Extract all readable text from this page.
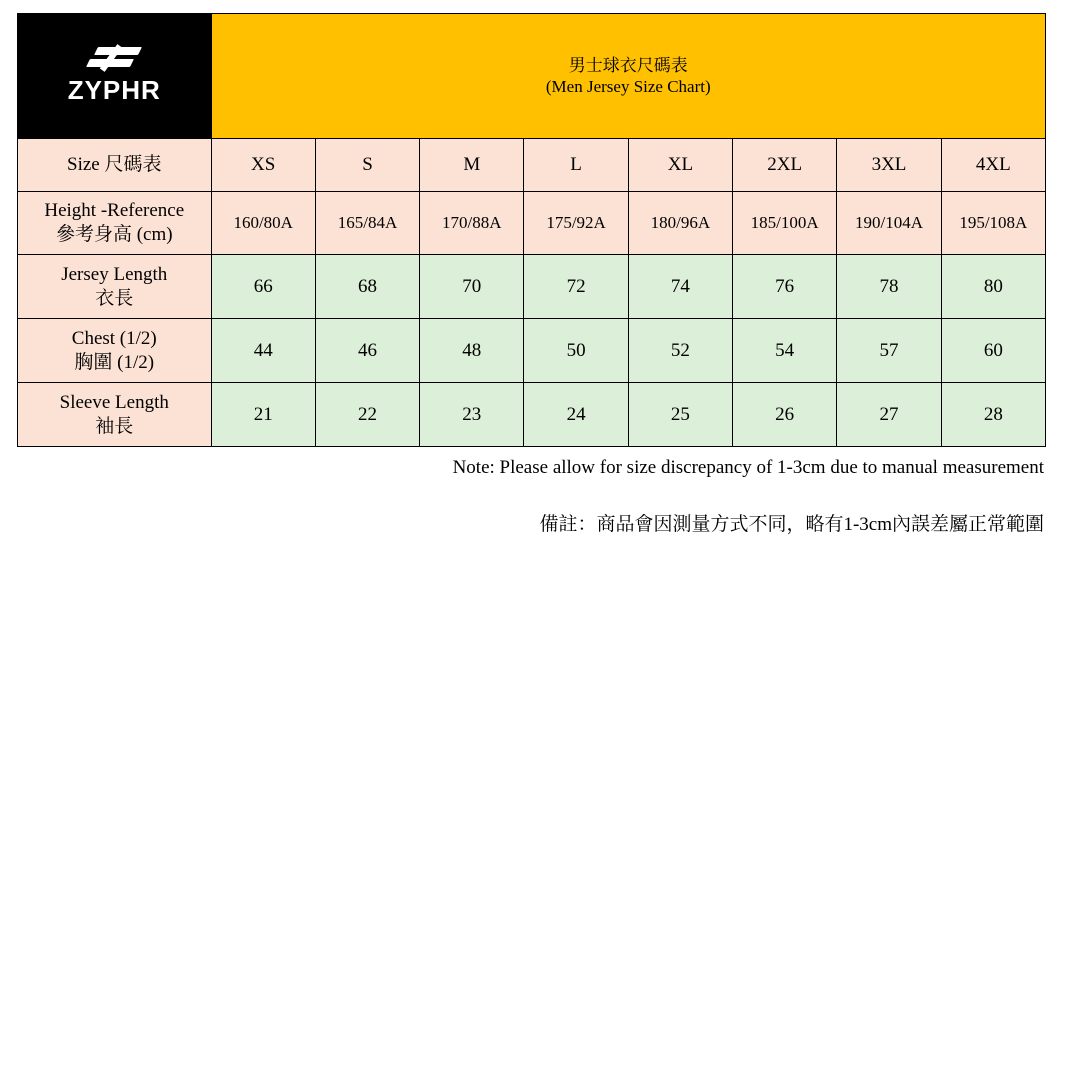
ZYPHR	男士球衣尺碼表
(Men Jersey Size Chart)							

Size 尺碼表	XS	S	M	L	XL	2XL	3XL	4XL
Height -Reference
參考身高 (cm)	160/80A	165/84A	170/88A	175/92A	180/96A	185/100A	190/104A	195/108A
Jersey Length
衣長	66	68	70	72	74	76	78	80
Chest (1/2)
胸圍 (1/2)	44	46	48	50	52	54	57	60
Sleeve Length
袖長	21	22	23	24	25	26	27	28
Note: Please allow for size discrepancy of 1-3cm due to manual measurement
備註：商品會因測量方式不同，略有1-3cm內誤差屬正常範圍
